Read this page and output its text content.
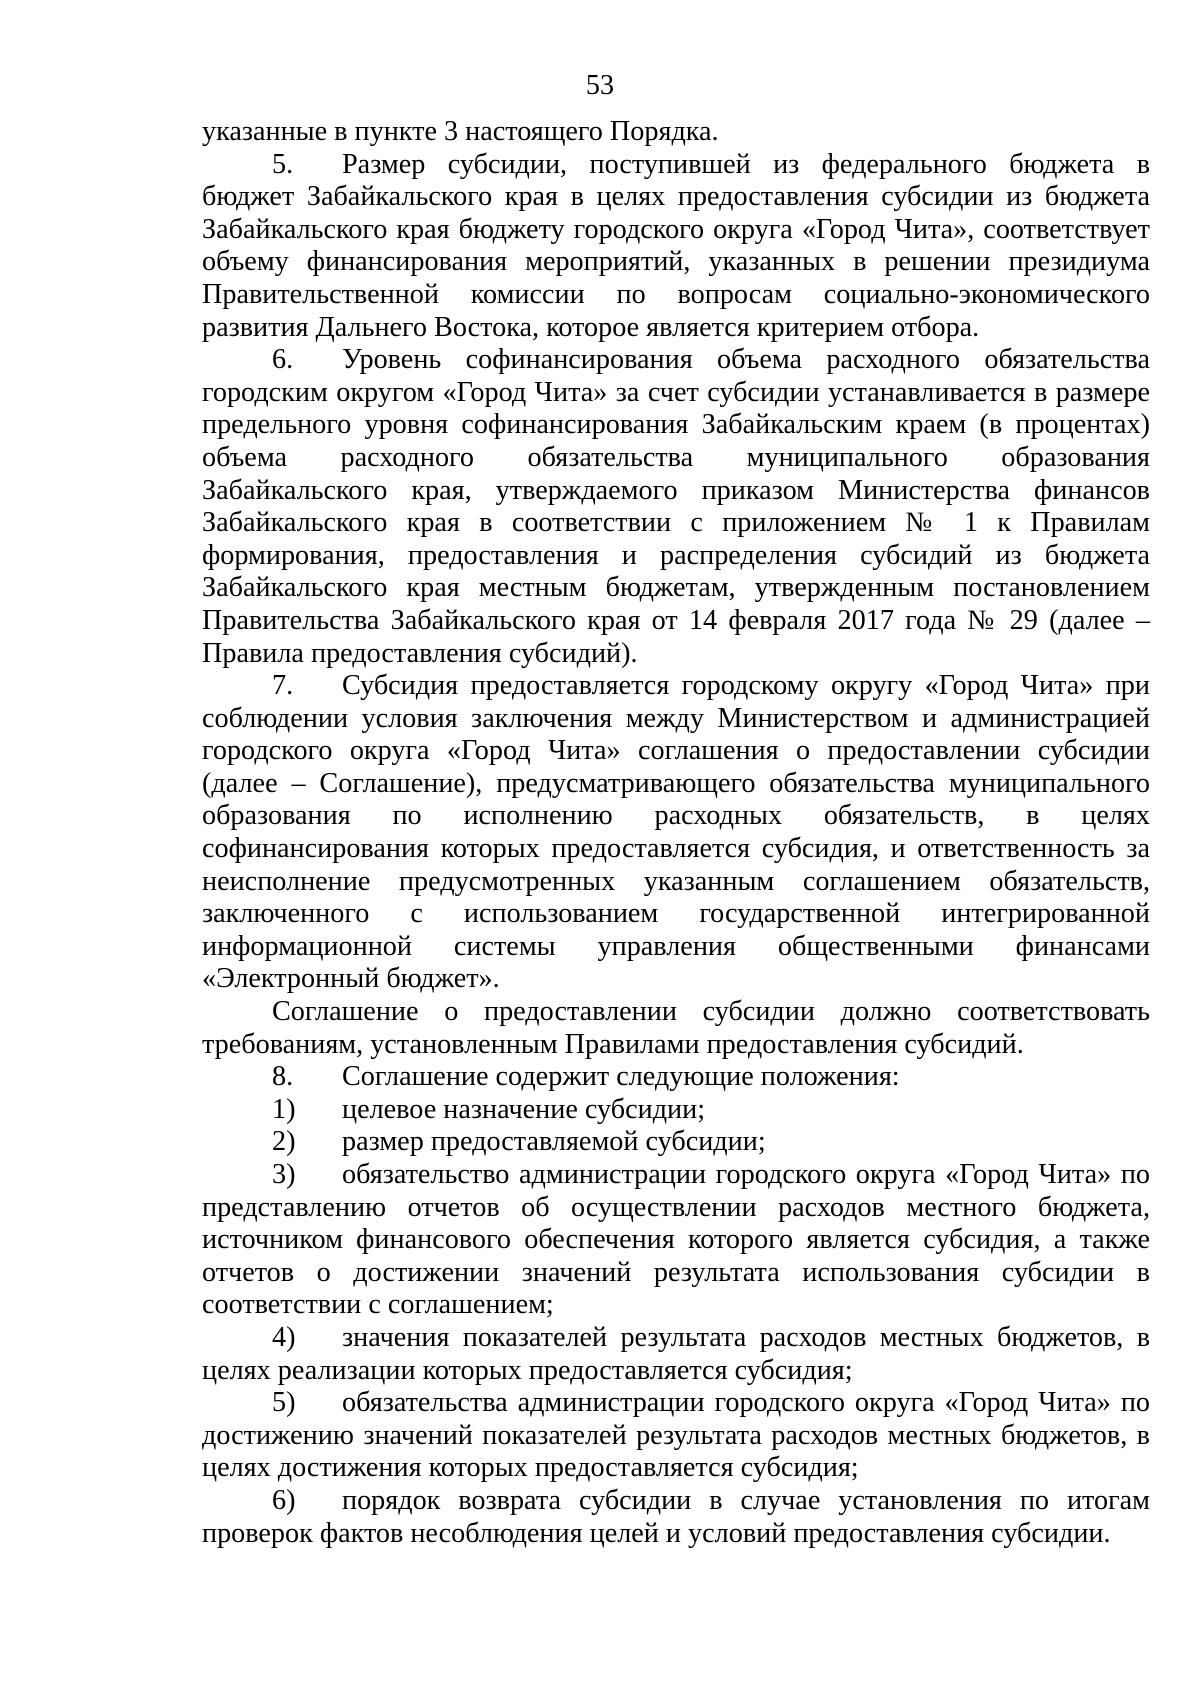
53

указанные в пункте 3 настоящего Порядка.

5. Размер субсидии, поступившей из федерального бюджета в бюджет Забайкальского края в целях предоставления субсидии из бюджета Забайкальского края бюджету городского округа «Город Чита», соответствует объему финансирования мероприятий, указанных в решении президиума Правительственной комиссии по вопросам социально-экономического развития Дальнего Востока, которое является критерием отбора.

6. Уровень софинансирования объема расходного обязательства городским округом «Город Чита» за счет субсидии устанавливается в размере предельного уровня софинансирования Забайкальским краем (в процентах) объема расходного обязательства муниципального образования Забайкальского края, утверждаемого приказом Министерства финансов Забайкальского края в соответствии с приложением № 1 к Правилам формирования, предоставления и распределения субсидий из бюджета Забайкальского края местным бюджетам, утвержденным постановлением Правительства Забайкальского края от 14 февраля 2017 года № 29 (далее – Правила предоставления субсидий).

7. Субсидия предоставляется городскому округу «Город Чита» при соблюдении условия заключения между Министерством и администрацией городского округа «Город Чита» соглашения о предоставлении субсидии (далее – Соглашение), предусматривающего обязательства муниципального образования по исполнению расходных обязательств, в целях софинансирования которых предоставляется субсидия, и ответственность за неисполнение предусмотренных указанным соглашением обязательств, заключенного с использованием государственной интегрированной информационной системы управления общественными финансами «Электронный бюджет».

Соглашение о предоставлении субсидии должно соответствовать требованиям, установленным Правилами предоставления субсидий.

8. Соглашение содержит следующие положения:

1) целевое назначение субсидии;

2) размер предоставляемой субсидии;

3) обязательство администрации городского округа «Город Чита» по представлению отчетов об осуществлении расходов местного бюджета, источником финансового обеспечения которого является субсидия, а также отчетов о достижении значений результата использования субсидии в соответствии с соглашением;

4) значения показателей результата расходов местных бюджетов, в целях реализации которых предоставляется субсидия;

5) обязательства администрации городского округа «Город Чита» по достижению значений показателей результата расходов местных бюджетов, в целях достижения которых предоставляется субсидия;

6) порядок возврата субсидии в случае установления по итогам проверок фактов несоблюдения целей и условий предоставления субсидии.
